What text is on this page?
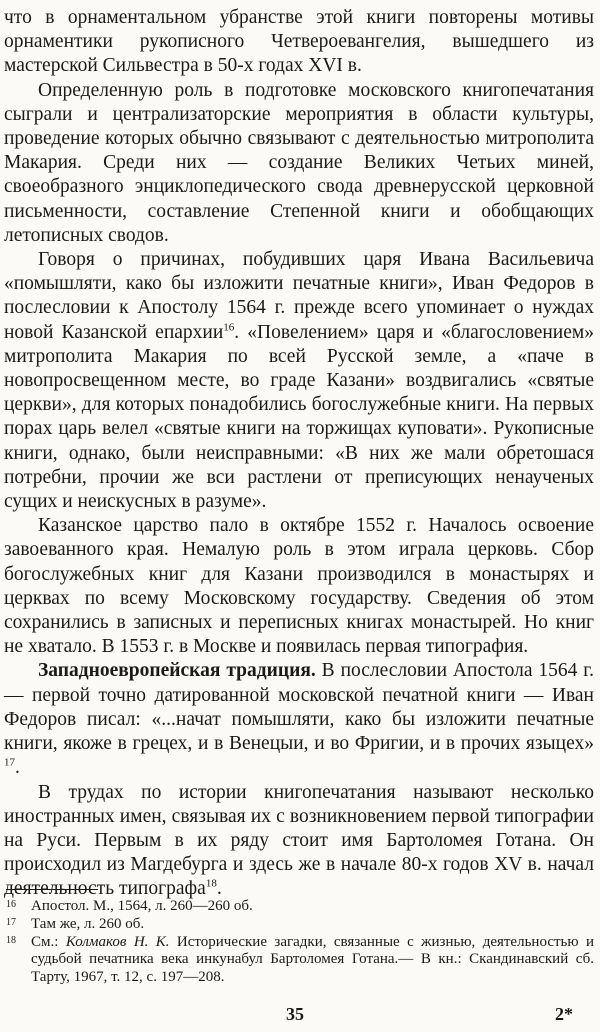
что в орнаментальном убранстве этой книги повторены мотивы орнаментики рукописного Четвероевангелия, вышедшего из мастерской Сильвестра в 50-х годах XVI в.

Определенную роль в подготовке московского книгопечатания сыграли и централизаторские мероприятия в области культуры, проведение которых обычно связывают с деятельностью митрополита Макария. Среди них — создание Великих Четьих миней, своеобразного энциклопедического свода древнерусской церковной письменности, составление Степенной книги и обобщающих летописных сводов.

Говоря о причинах, побудивших царя Ивана Васильевича «помышляти, како бы изложити печатные книги», Иван Федоров в послесловии к Апостолу 1564 г. прежде всего упоминает о нуждах новой Казанской епархии$^{16}$. «Повелением» царя и «благословением» митрополита Макария по всей Русской земле, а «паче в новопросвещенном месте, во граде Казани» воздвигались «святые церкви», для которых понадобились богослужебные книги. На первых порах царь велел «святые книги на торжищах куповати». Рукописные книги, однако, были неисправными: «В них же мали обретошася потребни, прочии же вси растлени от преписующих ненаученых сущих и неискусных в разуме».

Казанское царство пало в октябре 1552 г. Началось освоение завоеванного края. Немалую роль в этом играла церковь. Сбор богослужебных книг для Казани производился в монастырях и церквах по всему Московскому государству. Сведения об этом сохранились в записных и переписных книгах монастырей. Но книг не хватало. В 1553 г. в Москве и появилась первая типография.

Западноевропейская традиция. В послесловии Апостола 1564 г. — первой точно датированной московской печатной книги — Иван Федоров писал: «...начат помышляти, како бы изложити печатные книги, якоже в грецех, и в Венецыи, и во Фригии, и в прочих языцех» $^{17}$.

В трудах по истории книгопечатания называют несколько иностранных имен, связывая их с возникновением первой типографии на Руси. Первым в их ряду стоит имя Бартоломея Готана. Он происходил из Магдебурга и здесь же в начале 80-х годов XV в. начал деятельность типографа$^{18}$.

16 Апостол. М., 1564, л. 260—260 об.
17 Там же, л. 260 об.
18 См.: Колмаков Н. К. Исторические загадки, связанные с жизнью, деятельностью и судьбой печатника века инкунабул Бартоломея Готана.— В кн.: Скандинавский сб. Тарту, 1967, т. 12, с. 197—208.
35	2*
